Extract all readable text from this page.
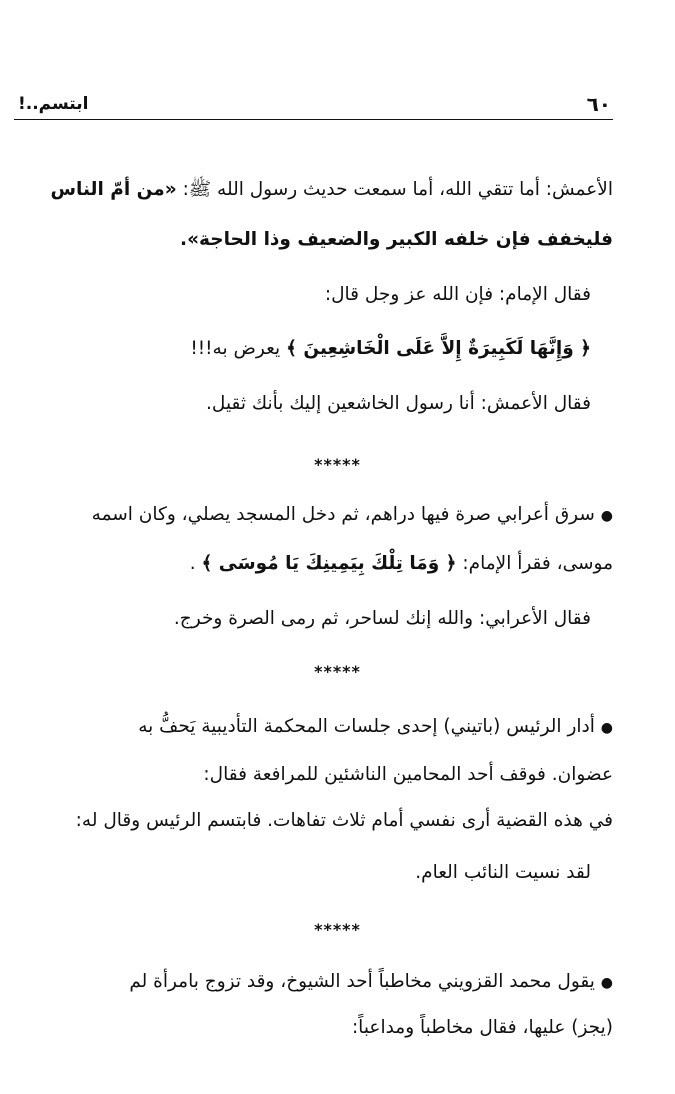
٦٠
ابتسم..!
الأعمش: أما تتقي الله، أما سمعت حديث رسول الله ﷺ: «من أمّ الناس
فليخفف فإن خلفه الكبير والضعيف وذا الحاجة».
فقال الإمام: فإن الله عز وجل قال:
﴿ وَإِنَّهَا لَكَبِيرَةٌ إِلاَّ عَلَى الْخَاشِعِينَ ﴾ يعرض به!!!
فقال الأعمش: أنا رسول الخاشعين إليك بأنك ثقيل.
*****
● سرق أعرابي صرة فيها دراهم، ثم دخل المسجد يصلي، وكان اسمه
موسى، فقرأ الإمام: ﴿ وَمَا تِلْكَ بِيَمِينِكَ يَا مُوسَى ﴾ .
فقال الأعرابي: والله إنك لساحر، ثم رمى الصرة وخرج.
*****
● أدار الرئيس (باتيني) إحدى جلسات المحكمة التأديبية يَحفُّ به
عضوان. فوقف أحد المحامين الناشئين للمرافعة فقال:
في هذه القضية أرى نفسي أمام ثلاث تفاهات. فابتسم الرئيس وقال له:
لقد نسيت النائب العام.
*****
● يقول محمد القزويني مخاطباً أحد الشيوخ، وقد تزوج بامرأة لم
(يجز) عليها، فقال مخاطباً ومداعباً:
